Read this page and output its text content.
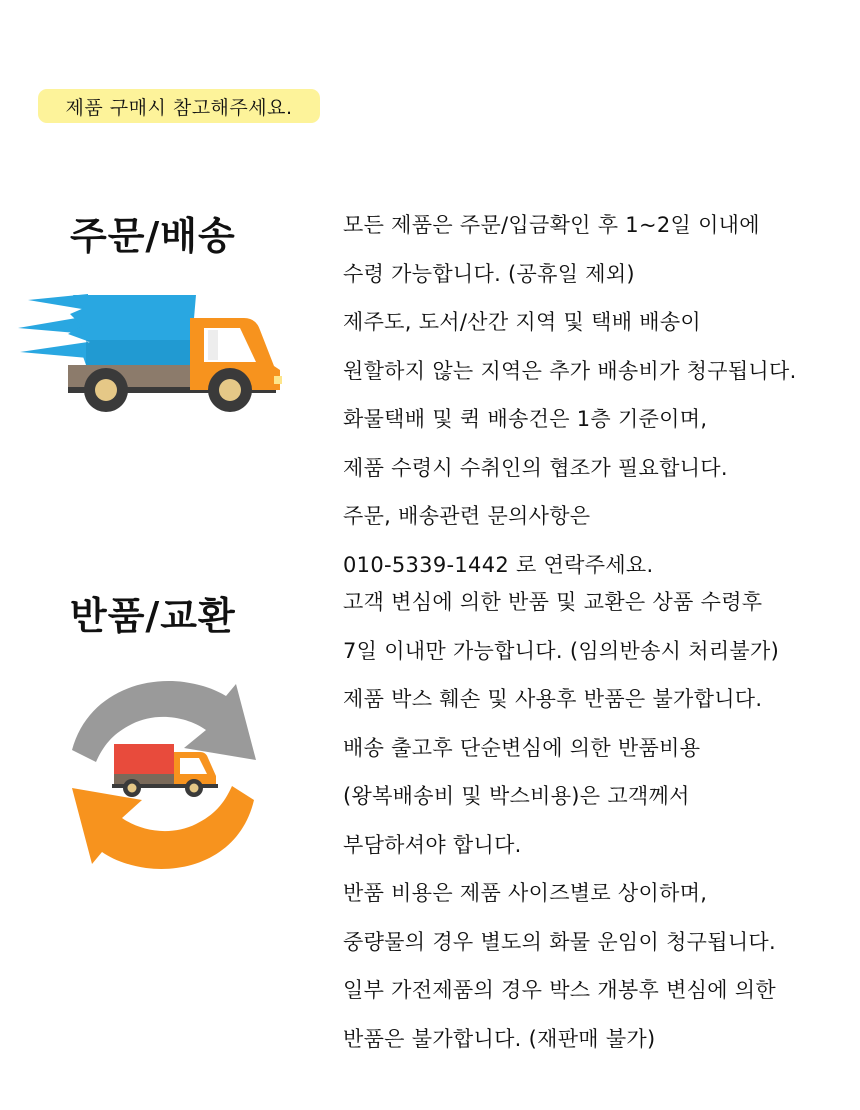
제품 구매시 참고해주세요.
주문/배송	모든 제품은 주문/입금확인 후 1~2일 이내에
수령 가능합니다. (공휴일 제외)
제주도, 도서/산간 지역 및 택배 배송이
원할하지 않는 지역은 추가 배송비가 청구됩니다.
화물택배 및 퀵 배송건은 1층 기준이며,
제품 수령시 수취인의 협조가 필요합니다.
주문, 배송관련 문의사항은
010-5339-1442 로 연락주세요.
반품/교환	고객 변심에 의한 반품 및 교환은 상품 수령후
7일 이내만 가능합니다. (임의반송시 처리불가)
제품 박스 훼손 및 사용후 반품은 불가합니다.
배송 출고후 단순변심에 의한 반품비용
(왕복배송비 및 박스비용)은 고객께서
부담하셔야 합니다.
반품 비용은 제품 사이즈별로 상이하며,
중량물의 경우 별도의 화물 운임이 청구됩니다.
일부 가전제품의 경우 박스 개봉후 변심에 의한
반품은 불가합니다. (재판매 불가)
